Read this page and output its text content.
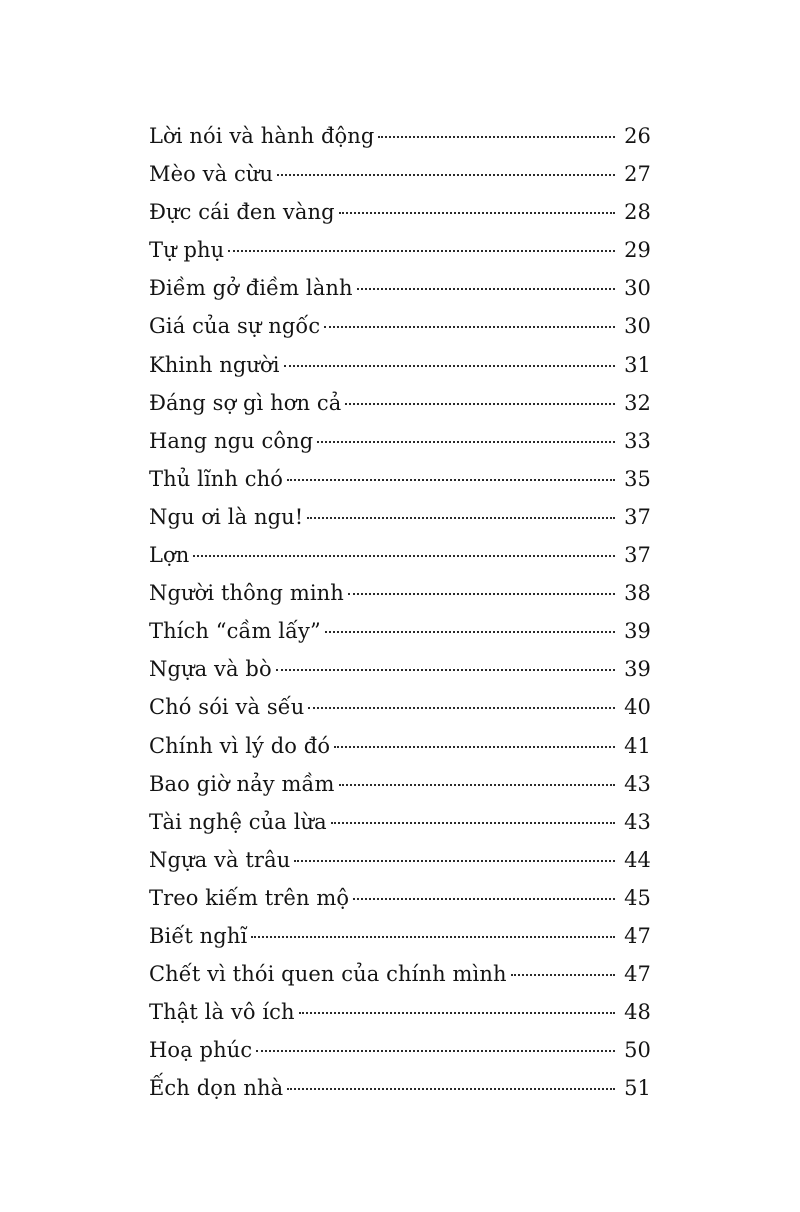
Lời nói và hành động	26
Mèo và cừu	27
Đực cái đen vàng	28
Tự phụ	29
Điềm gở điềm lành	30
Giá của sự ngốc	30
Khinh người	31
Đáng sợ gì hơn cả	32
Hang ngu công	33
Thủ lĩnh chó	35
Ngu ơi là ngu!	37
Lợn	37
Người thông minh	38
Thích “cầm lấy”	39
Ngựa và bò	39
Chó sói và sếu	40
Chính vì lý do đó	41
Bao giờ nảy mầm	43
Tài nghệ của lừa	43
Ngựa và trâu	44
Treo kiếm trên mộ	45
Biết nghĩ	47
Chết vì thói quen của chính mình	47
Thật là vô ích	48
Hoạ phúc	50
Ếch dọn nhà	51
